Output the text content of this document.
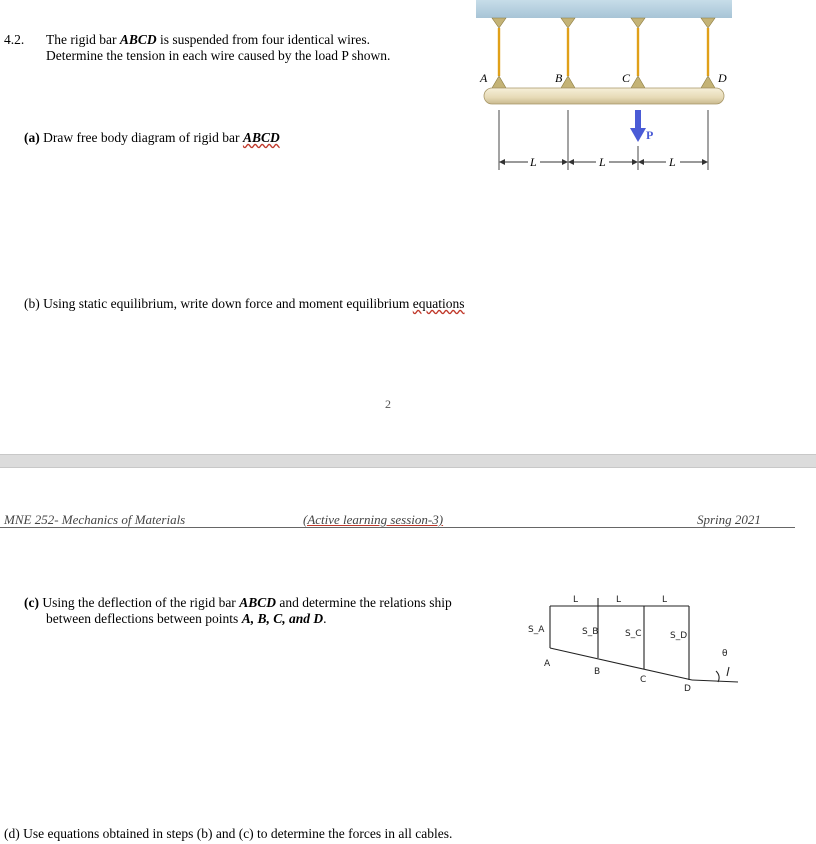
4.2. The rigid bar ABCD is suspended from four identical wires.
Determine the tension in each wire caused by the load P shown.
(a) Draw free body diagram of rigid bar ABCD
(b) Using static equilibrium, write down force and moment equilibrium equations
2
A	B	C	D
P
L	L	L
MNE 252- Mechanics of Materials	(Active learning session-3)	Spring 2021
(c) Using the deflection of the rigid bar ABCD and determine the relations ship
between deflections between points A, B, C, and D.
L	L	L
S_A	S_B	S_C	S_D
A
B
C
D
θ
(d) Use equations obtained in steps (b) and (c) to determine the forces in all cables.
